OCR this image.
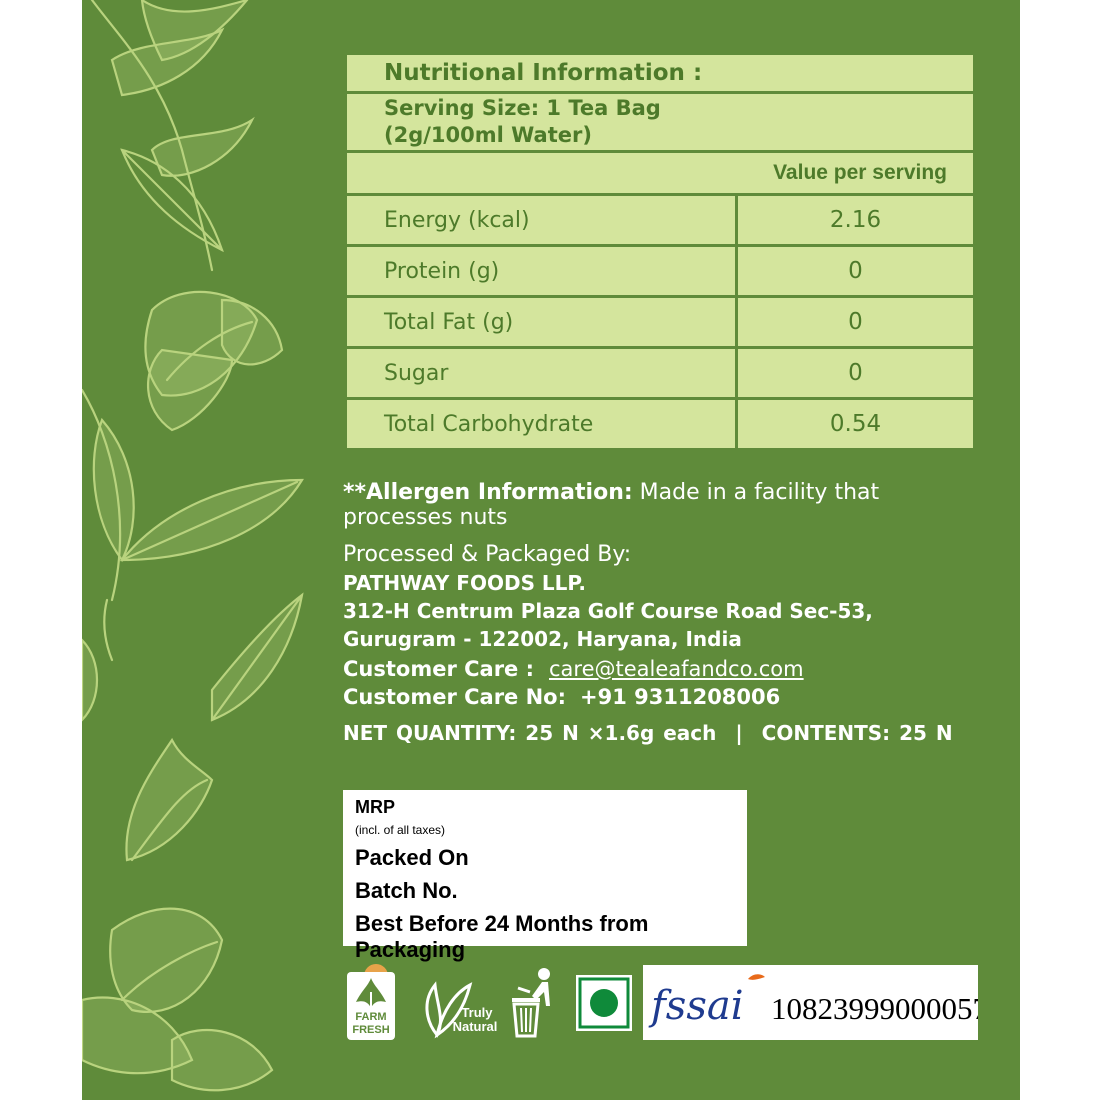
Nutritional Information :	

Serving Size: 1 Tea Bag
(2g/100ml Water)	

Value per serving	
Energy (kcal)	2.16
Protein (g)	0
Total Fat (g)	0
Sugar	0
Total Carbohydrate	0.54
**Allergen Information: Made in a facility that
processes nuts
Processed & Packaged By:
PATHWAY FOODS LLP.
312-H Centrum Plaza Golf Course Road Sec-53,
Gurugram - 122002, Haryana, India
Customer Care : care@tealeafandco.com
Customer Care No: +91 9311208006
NET QUANTITY: 25 N ×1.6g each | CONTENTS: 25 N
MRP
(incl. of all taxes)
Packed On
Batch No.
Best Before 24 Months from Packaging
FARM
FRESH
Truly
Natural	fssai 10823999000057
